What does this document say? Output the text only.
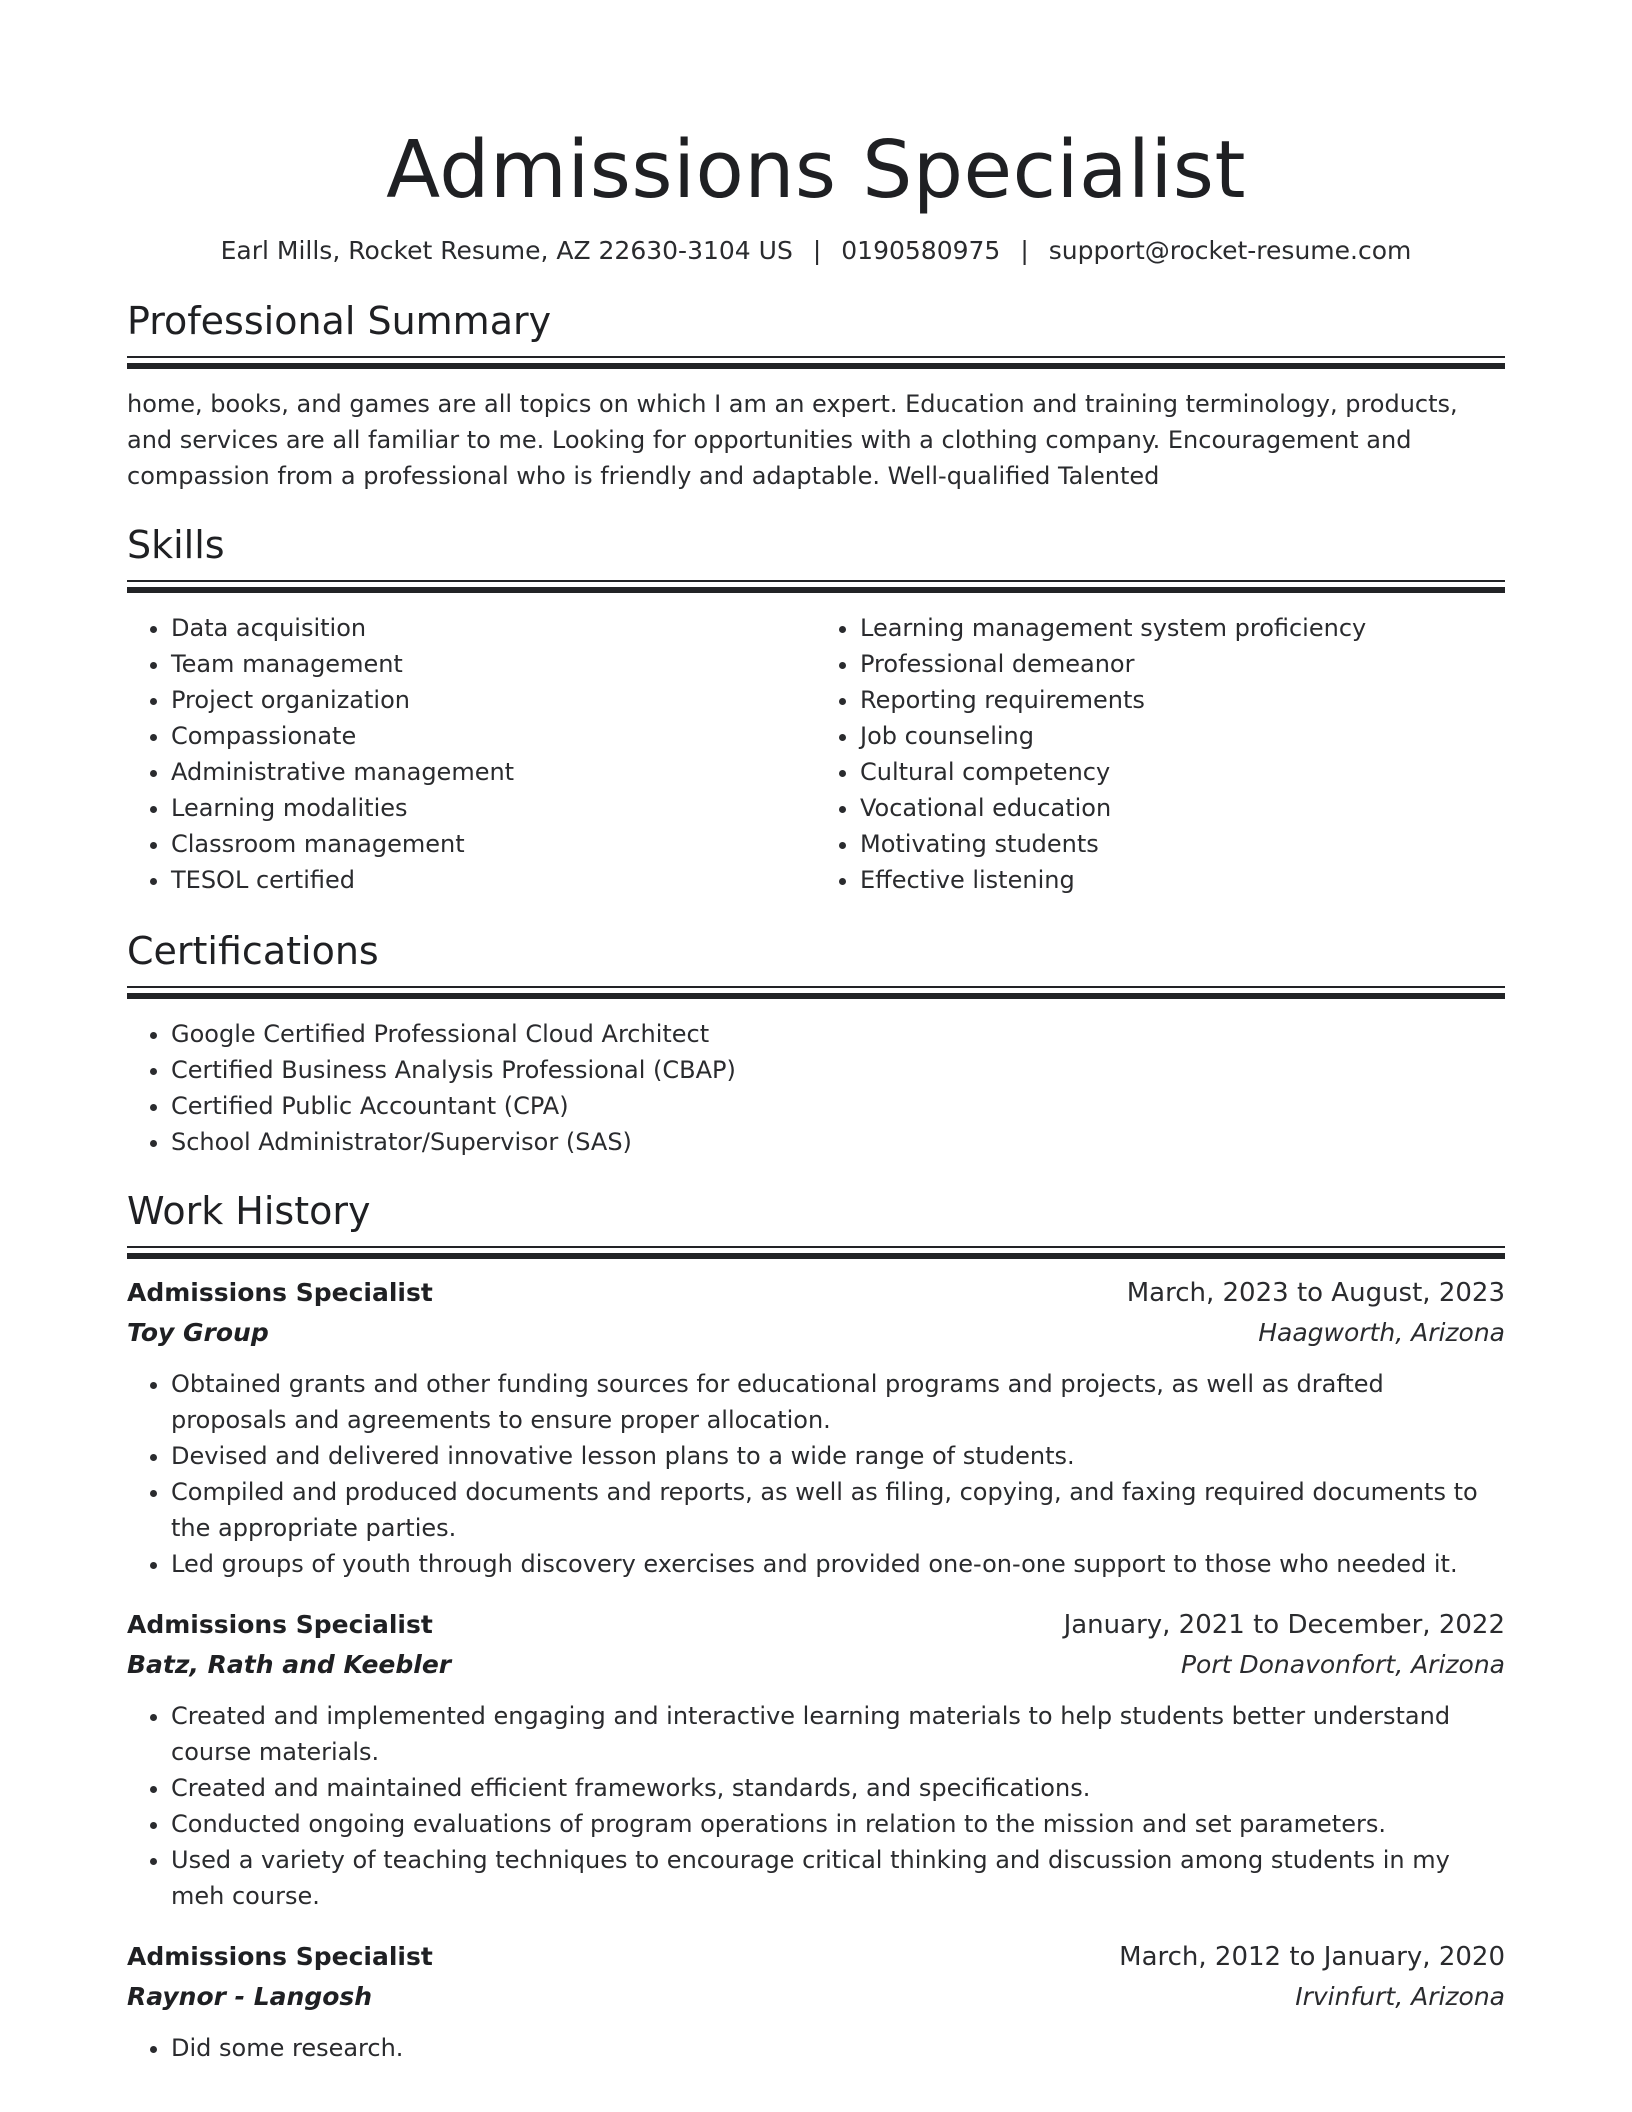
Admissions Specialist
Earl Mills, Rocket Resume, AZ 22630-3104 US | 0190580975 | support@rocket-resume.com
Professional Summary

home, books, and games are all topics on which I am an expert. Education and training terminology, products, and services are all familiar to me. Looking for opportunities with a clothing company. Encouragement and compassion from a professional who is friendly and adaptable. Well-qualified Talented

Skills
• Data acquisition
• Team management
• Project organization
• Compassionate
• Administrative management
• Learning modalities
• Classroom management
• TESOL certified
• Learning management system proficiency
• Professional demeanor
• Reporting requirements
• Job counseling
• Cultural competency
• Vocational education
• Motivating students
• Effective listening
Certifications
• Google Certified Professional Cloud Architect
• Certified Business Analysis Professional (CBAP)
• Certified Public Accountant (CPA)
• School Administrator/Supervisor (SAS)
Work History
Admissions Specialist	March, 2023 to August, 2023
Toy Group	Haagworth, Arizona
• Obtained grants and other funding sources for educational programs and projects, as well as drafted proposals and agreements to ensure proper allocation.
• Devised and delivered innovative lesson plans to a wide range of students.
• Compiled and produced documents and reports, as well as filing, copying, and faxing required documents to the appropriate parties.
• Led groups of youth through discovery exercises and provided one-on-one support to those who needed it.
Admissions Specialist	January, 2021 to December, 2022
Batz, Rath and Keebler	Port Donavonfort, Arizona
• Created and implemented engaging and interactive learning materials to help students better understand course materials.
• Created and maintained efficient frameworks, standards, and specifications.
• Conducted ongoing evaluations of program operations in relation to the mission and set parameters.
• Used a variety of teaching techniques to encourage critical thinking and discussion among students in my meh course.
Admissions Specialist	March, 2012 to January, 2020
Raynor - Langosh	Irvinfurt, Arizona
• Did some research.
